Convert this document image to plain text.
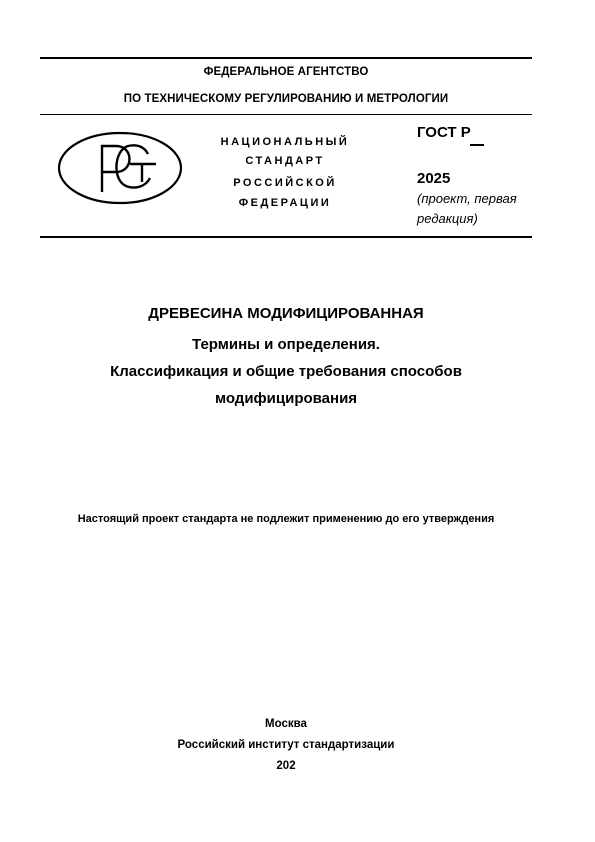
ФЕДЕРАЛЬНОЕ АГЕНТСТВО
ПО ТЕХНИЧЕСКОМУ РЕГУЛИРОВАНИЮ И МЕТРОЛОГИИ
НАЦИОНАЛЬНЫЙ
СТАНДАРТ
РОССИЙСКОЙ
ФЕДЕРАЦИИ
ГОСТ Р
2025
(проект, первая редакция)
ДРЕВЕСИНА МОДИФИЦИРОВАННАЯ
Термины и определения.
Классификация и общие требования способов
модифицирования
Настоящий проект стандарта не подлежит применению до его утверждения
Москва
Российский институт стандартизации
202
